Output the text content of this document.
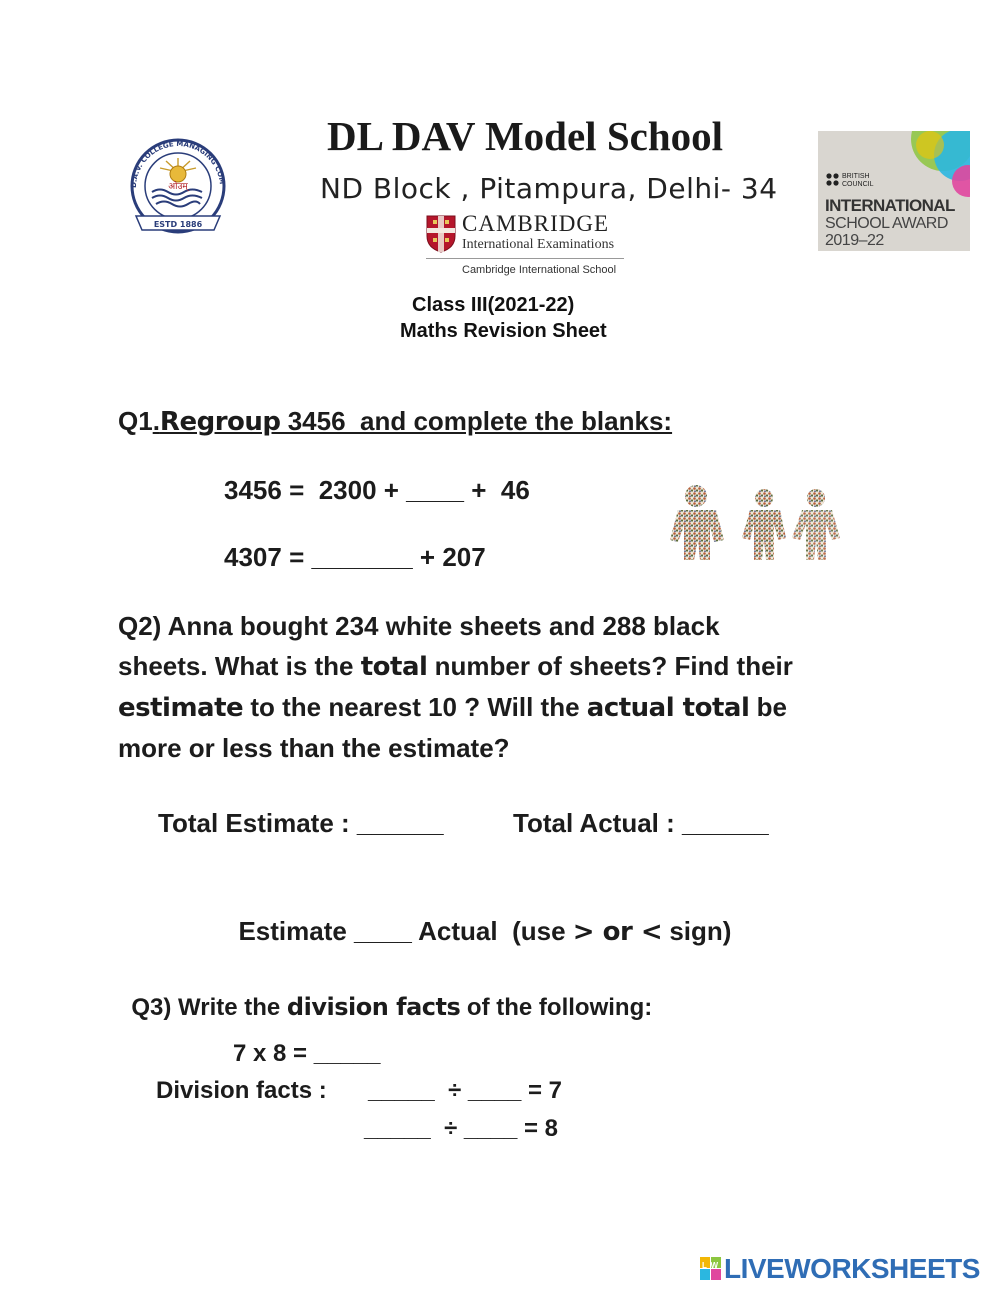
D.A.V. COLLEGE MANAGING COM
ओउम्
ESTD 1886
DL DAV Model School
ND Block , Pitampura, Delhi- 34
CAMBRIDGE
International Examinations
Cambridge International School
BRITISH COUNCIL
INTERNATIONAL
SCHOOL AWARD
2019–22
Class III(2021-22)
Maths Revision Sheet
Q1.Regroup 3456  and complete the blanks:
3456 =  2300 + ____ +  46
4307 = _______ + 207
Q2) Anna bought 234 white sheets and 288 black
sheets. What is the total number of sheets? Find their
estimate to the nearest 10 ? Will the actual total be
more or less than the estimate?
Total Estimate : ______	Total Actual : ______

Estimate ____ Actual  (use > or < sign)

Q3) Write the division facts of the following:

7 x 8 = _____
Division facts : _____  ÷ ____ = 7
_____  ÷ ____ = 8
LW LIVEWORKSHEETS
